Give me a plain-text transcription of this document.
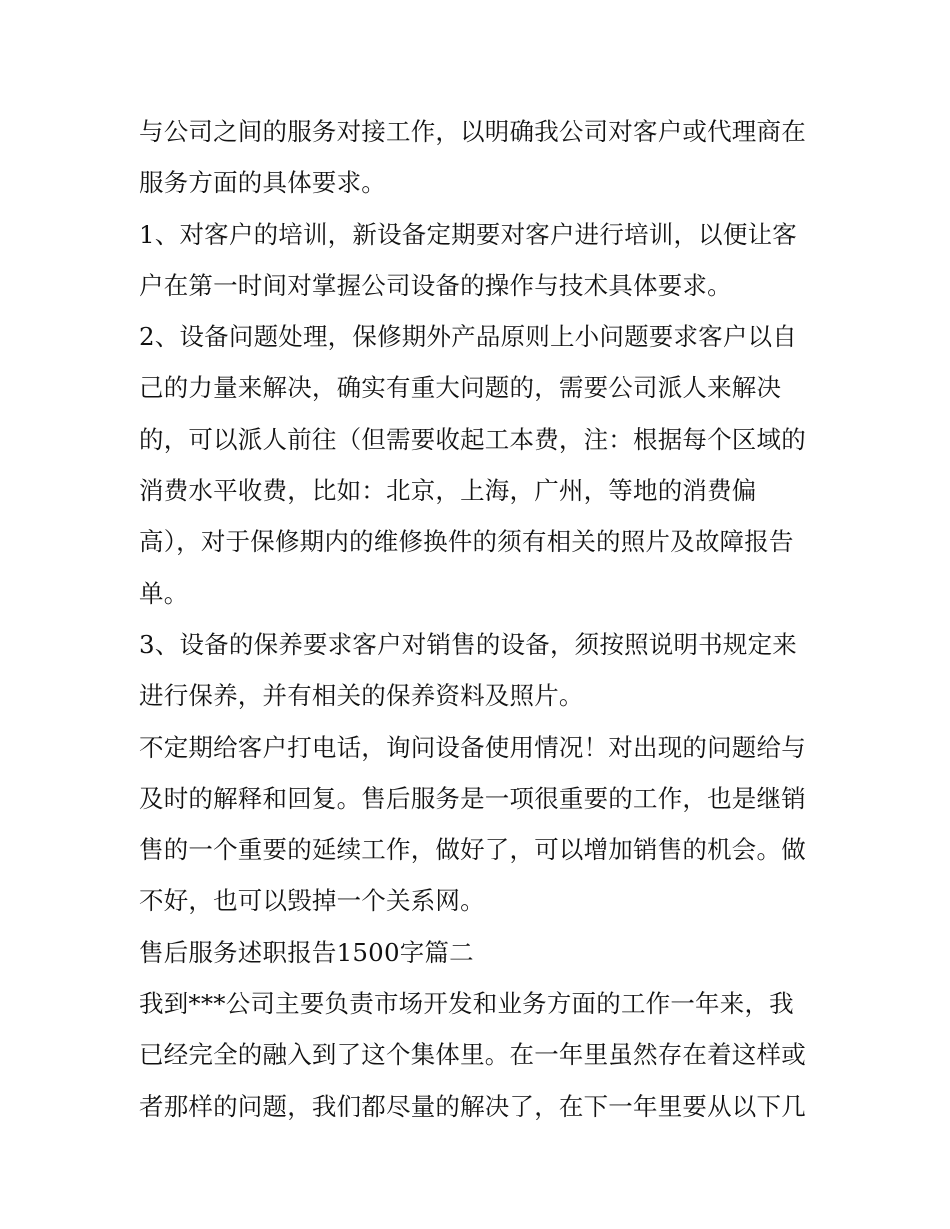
与公司之间的服务对接工作，以明确我公司对客户或代理商在
服务方面的具体要求。
1、对客户的培训，新设备定期要对客户进行培训，以便让客
户在第一时间对掌握公司设备的操作与技术具体要求。
2、设备问题处理，保修期外产品原则上小问题要求客户以自
己的力量来解决，确实有重大问题的，需要公司派人来解决
的，可以派人前往（但需要收起工本费，注：根据每个区域的
消费水平收费，比如：北京，上海，广州，等地的消费偏
高），对于保修期内的维修换件的须有相关的照片及故障报告
单。
3、设备的保养要求客户对销售的设备，须按照说明书规定来
进行保养，并有相关的保养资料及照片。
不定期给客户打电话，询问设备使用情况！对出现的问题给与
及时的解释和回复。售后服务是一项很重要的工作，也是继销
售的一个重要的延续工作，做好了，可以增加销售的机会。做
不好，也可以毁掉一个关系网。
售后服务述职报告1500字篇二
我到***公司主要负责市场开发和业务方面的工作一年来，我
已经完全的融入到了这个集体里。在一年里虽然存在着这样或
者那样的问题，我们都尽量的解决了，在下一年里要从以下几
